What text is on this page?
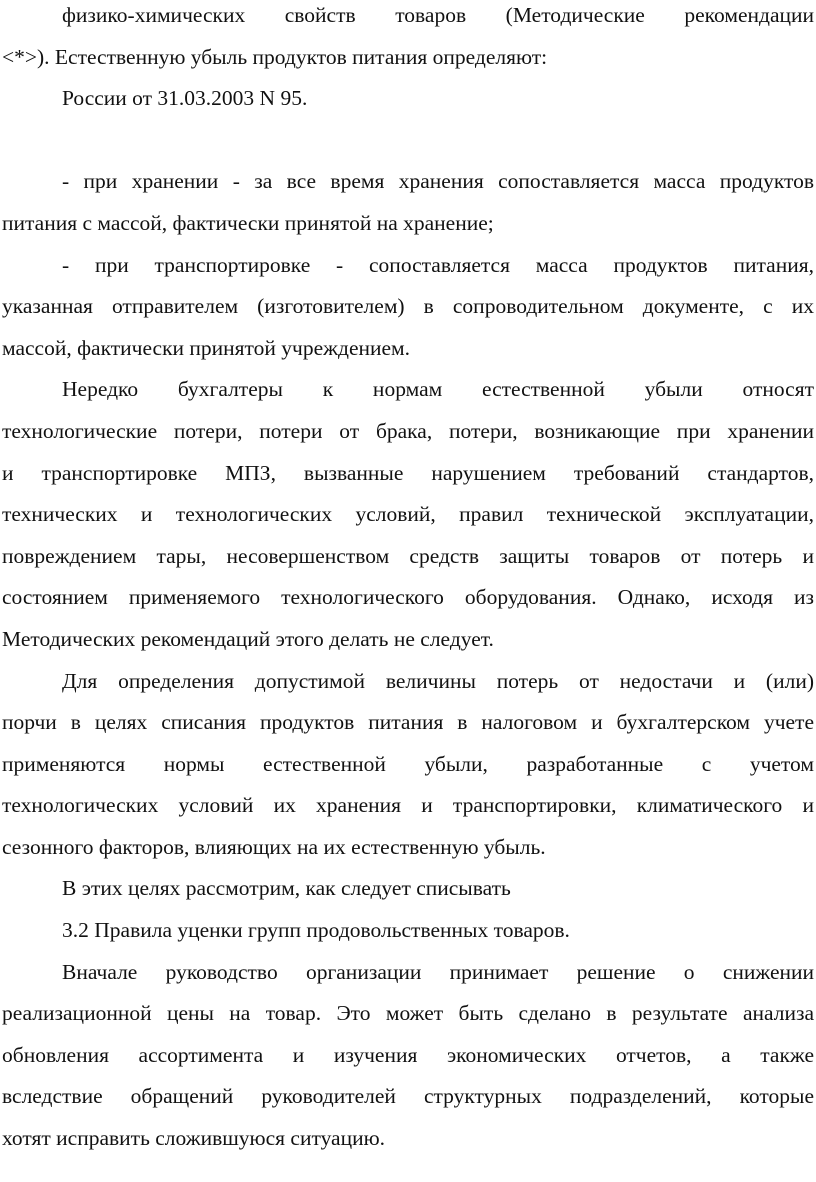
физико-химических свойств товаров (Методические рекомендации
<*>). Естественную убыль продуктов питания определяют:
России от 31.03.2003 N 95.
- при хранении - за все время хранения сопоставляется масса продуктов
питания с массой, фактически принятой на хранение;
- при транспортировке - сопоставляется масса продуктов питания,
указанная отправителем (изготовителем) в сопроводительном документе, с их
массой, фактически принятой учреждением.
Нередко бухгалтеры к нормам естественной убыли относят
технологические потери, потери от брака, потери, возникающие при хранении
и транспортировке МПЗ, вызванные нарушением требований стандартов,
технических и технологических условий, правил технической эксплуатации,
повреждением тары, несовершенством средств защиты товаров от потерь и
состоянием применяемого технологического оборудования. Однако, исходя из
Методических рекомендаций этого делать не следует.
Для определения допустимой величины потерь от недостачи и (или)
порчи в целях списания продуктов питания в налоговом и бухгалтерском учете
применяются нормы естественной убыли, разработанные с учетом
технологических условий их хранения и транспортировки, климатического и
сезонного факторов, влияющих на их естественную убыль.
В этих целях рассмотрим, как следует списывать
3.2 Правила уценки групп продовольственных товаров.
Вначале руководство организации принимает решение о снижении
реализационной цены на товар. Это может быть сделано в результате анализа
обновления ассортимента и изучения экономических отчетов, а также
вследствие обращений руководителей структурных подразделений, которые
хотят исправить сложившуюся ситуацию.
